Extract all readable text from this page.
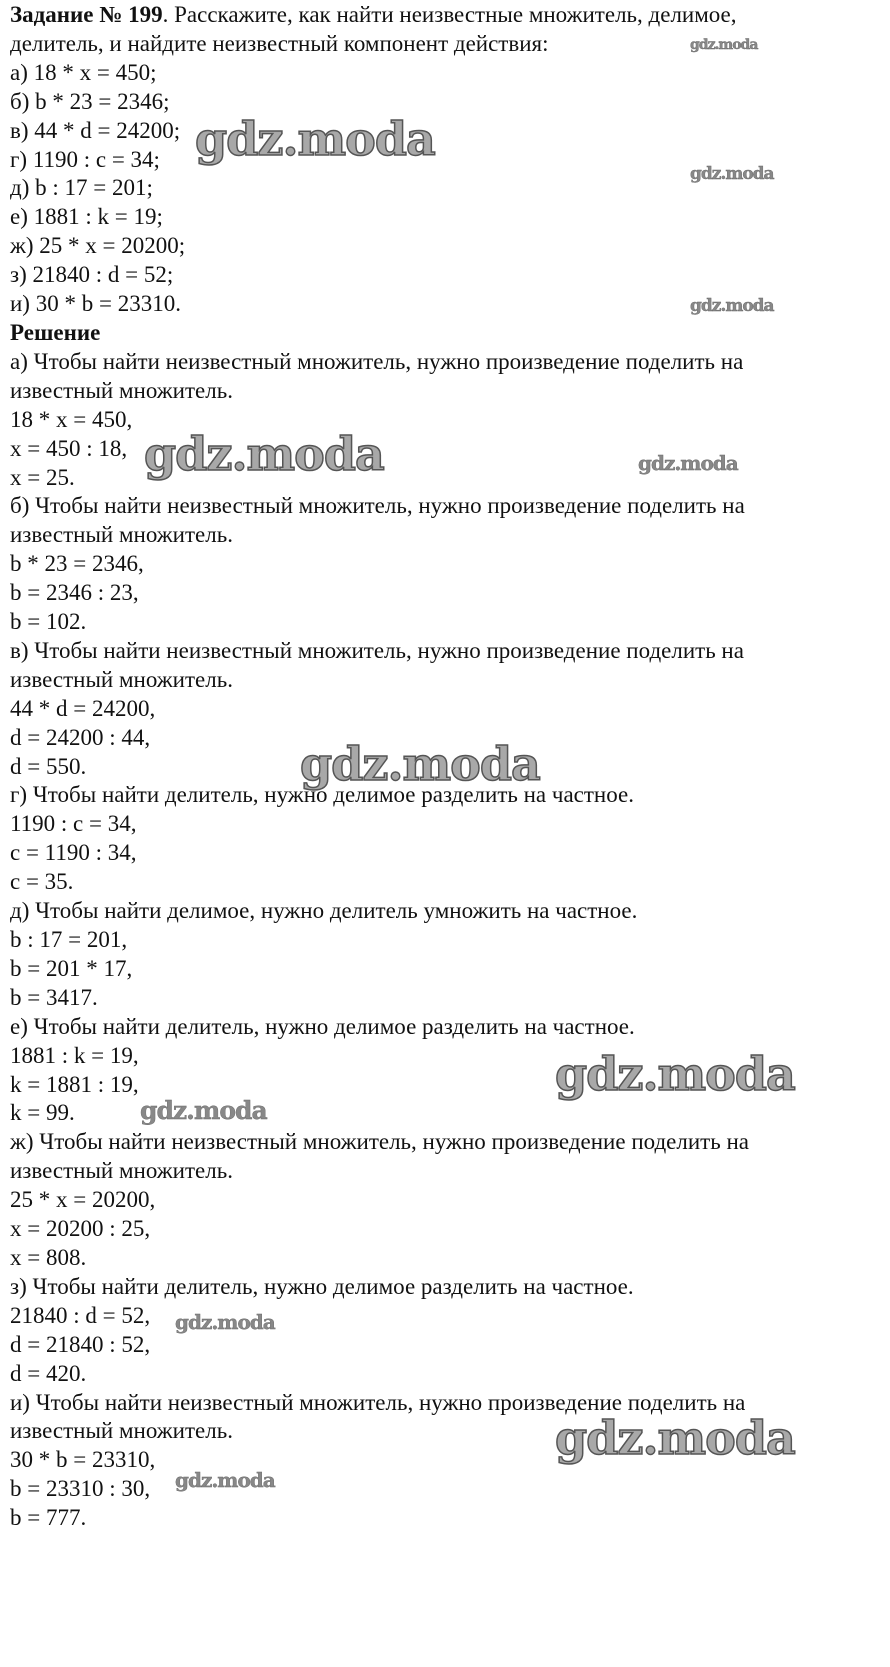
Задание № 199. Расскажите, как найти неизвестные множитель, делимое,
делитель, и найдите неизвестный компонент действия:
а) 18 * x = 450;
б) b * 23 = 2346;
в) 44 * d = 24200;
г) 1190 : c = 34;
д) b : 17 = 201;
е) 1881 : k = 19;
ж) 25 * x = 20200;
з) 21840 : d = 52;
и) 30 * b = 23310.
Решение
а) Чтобы найти неизвестный множитель, нужно произведение поделить на
известный множитель.
18 * x = 450,
x = 450 : 18,
x = 25.
б) Чтобы найти неизвестный множитель, нужно произведение поделить на
известный множитель.
b * 23 = 2346,
b = 2346 : 23,
b = 102.
в) Чтобы найти неизвестный множитель, нужно произведение поделить на
известный множитель.
44 * d = 24200,
d = 24200 : 44,
d = 550.
г) Чтобы найти делитель, нужно делимое разделить на частное.
1190 : c = 34,
c = 1190 : 34,
c = 35.
д) Чтобы найти делимое, нужно делитель умножить на частное.
b : 17 = 201,
b = 201 * 17,
b = 3417.
е) Чтобы найти делитель, нужно делимое разделить на частное.
1881 : k = 19,
k = 1881 : 19,
k = 99.
ж) Чтобы найти неизвестный множитель, нужно произведение поделить на
известный множитель.
25 * x = 20200,
x = 20200 : 25,
x = 808.
з) Чтобы найти делитель, нужно делимое разделить на частное.
21840 : d = 52,
d = 21840 : 52,
d = 420.
и) Чтобы найти неизвестный множитель, нужно произведение поделить на
известный множитель.
30 * b = 23310,
b = 23310 : 30,
b = 777.
gdz.moda
gdz.moda
gdz.moda
gdz.moda
gdz.moda
gdz.moda
gdz.moda
gdz.moda
gdz.moda
gdz.moda
gdz.moda
gdz.moda
